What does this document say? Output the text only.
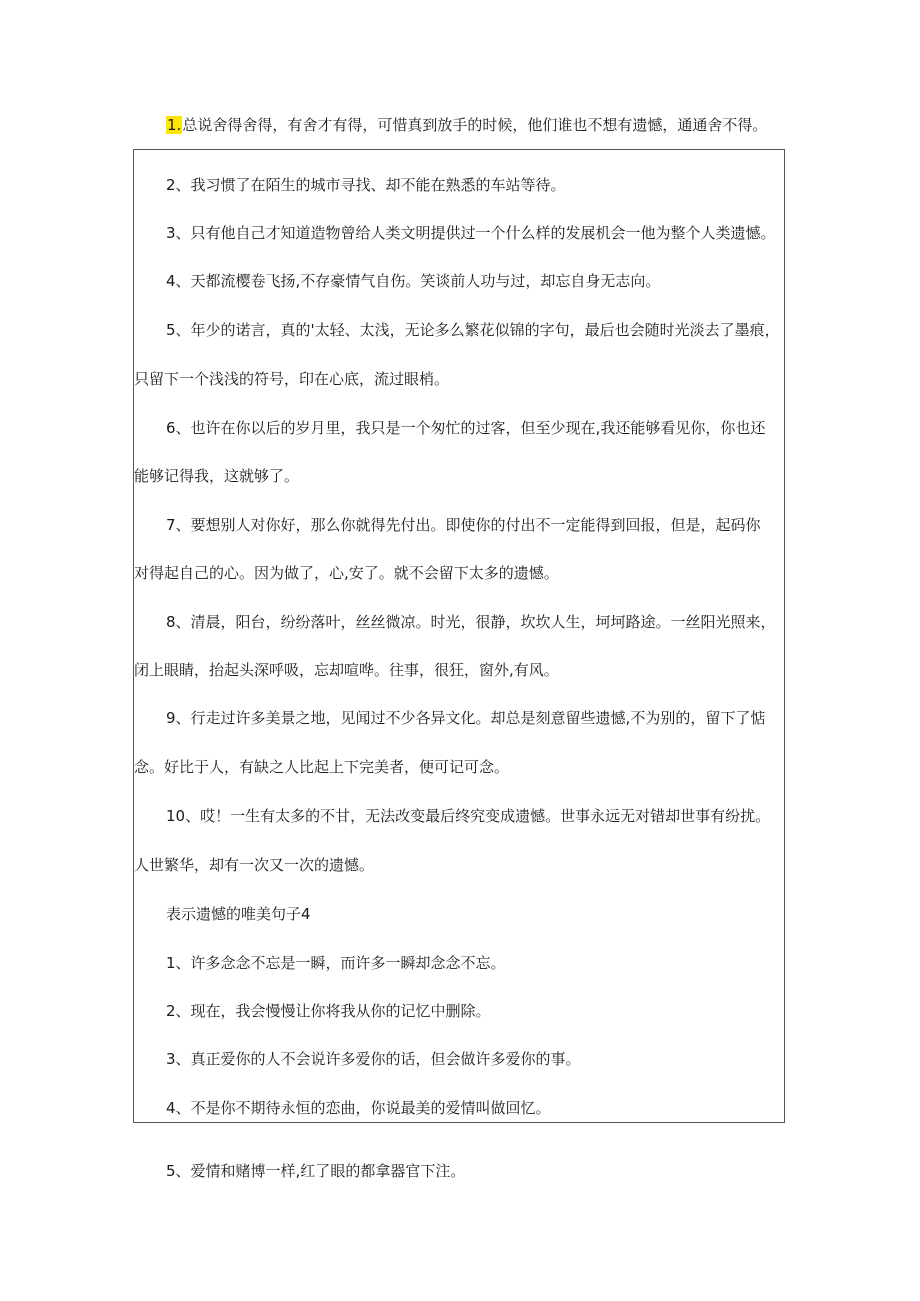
1.总说舍得舍得，有舍才有得，可惜真到放手的时候，他们谁也不想有遗憾，通通舍不得。
2、我习惯了在陌生的城市寻找、却不能在熟悉的车站等待。
3、只有他自己才知道造物曾给人类文明提供过一个什么样的发展机会一他为整个人类遗憾。
4、天都流樱卷飞扬,不存豪情气自伤。笑谈前人功与过，却忘自身无志向。
5、年少的诺言，真的'太轻、太浅，无论多么繁花似锦的字句，最后也会随时光淡去了墨痕，
只留下一个浅浅的符号，印在心底，流过眼梢。
6、也许在你以后的岁月里，我只是一个匆忙的过客，但至少现在,我还能够看见你，你也还
能够记得我，这就够了。
7、要想别人对你好，那么你就得先付出。即使你的付出不一定能得到回报，但是，起码你
对得起自己的心。因为做了，心,安了。就不会留下太多的遗憾。
8、清晨，阳台，纷纷落叶，丝丝微凉。时光，很静，坎坎人生，坷坷路途。一丝阳光照来，
闭上眼睛，抬起头深呼吸，忘却喧哗。往事，很狂，窗外,有风。
9、行走过许多美景之地，见闻过不少各异文化。却总是刻意留些遗憾,不为别的，留下了惦
念。好比于人，有缺之人比起上下完美者，便可记可念。
10、哎！一生有太多的不甘，无法改变最后终究变成遗憾。世事永远无对错却世事有纷扰。
人世繁华，却有一次又一次的遗憾。
表示遗憾的唯美句子4
1、许多念念不忘是一瞬，而许多一瞬却念念不忘。
2、现在，我会慢慢让你将我从你的记忆中删除。
3、真正爱你的人不会说许多爱你的话，但会做许多爱你的事。
4、不是你不期待永恒的恋曲，你说最美的爱情叫做回忆。
5、爱情和赌博一样,红了眼的都拿器官下注。
